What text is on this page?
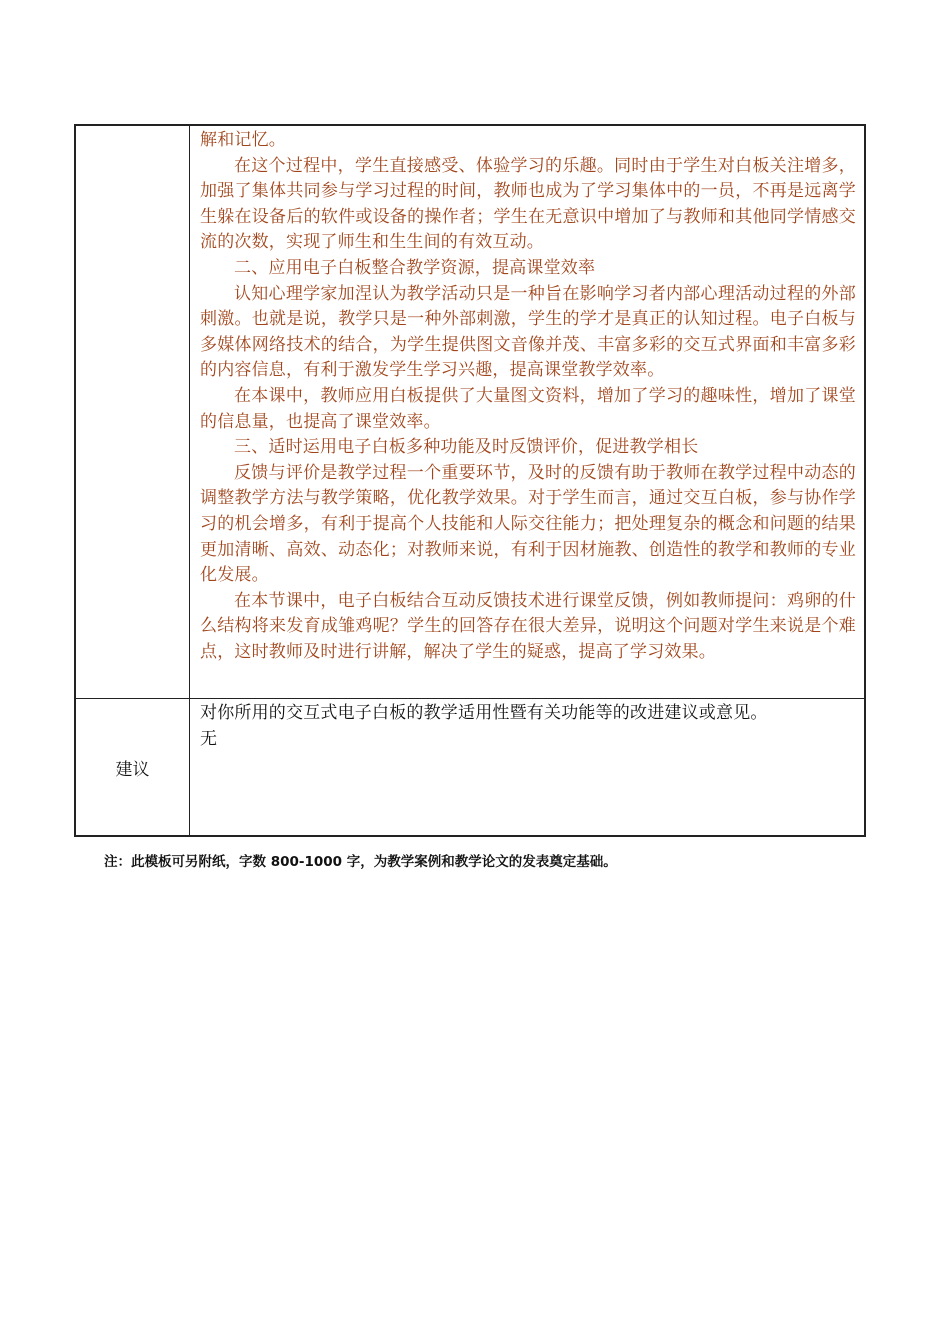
解和记忆。

在这个过程中，学生直接感受、体验学习的乐趣。同时由于学生对白板关注增多，加强了集体共同参与学习过程的时间，教师也成为了学习集体中的一员，不再是远离学生躲在设备后的软件或设备的操作者；学生在无意识中增加了与教师和其他同学情感交流的次数，实现了师生和生生间的有效互动。

二、应用电子白板整合教学资源，提高课堂效率

认知心理学家加涅认为教学活动只是一种旨在影响学习者内部心理活动过程的外部刺激。也就是说，教学只是一种外部刺激，学生的学才是真正的认知过程。电子白板与多媒体网络技术的结合，为学生提供图文音像并茂、丰富多彩的交互式界面和丰富多彩的内容信息，有利于激发学生学习兴趣，提高课堂教学效率。

在本课中，教师应用白板提供了大量图文资料，增加了学习的趣味性，增加了课堂的信息量，也提高了课堂效率。

三、适时运用电子白板多种功能及时反馈评价，促进教学相长

反馈与评价是教学过程一个重要环节，及时的反馈有助于教师在教学过程中动态的调整教学方法与教学策略，优化教学效果。对于学生而言，通过交互白板，参与协作学习的机会增多，有利于提高个人技能和人际交往能力；把处理复杂的概念和问题的结果更加清晰、高效、动态化；对教师来说，有利于因材施教、创造性的教学和教师的专业化发展。

在本节课中，电子白板结合互动反馈技术进行课堂反馈，例如教师提问：鸡卵的什么结构将来发育成雏鸡呢？学生的回答存在很大差异，说明这个问题对学生来说是个难点，这时教师及时进行讲解，解决了学生的疑惑，提高了学习效果。

建议

对你所用的交互式电子白板的教学适用性暨有关功能等的改进建议或意见。

无

注：此模板可另附纸，字数 800-1000 字，为教学案例和教学论文的发表奠定基础。
